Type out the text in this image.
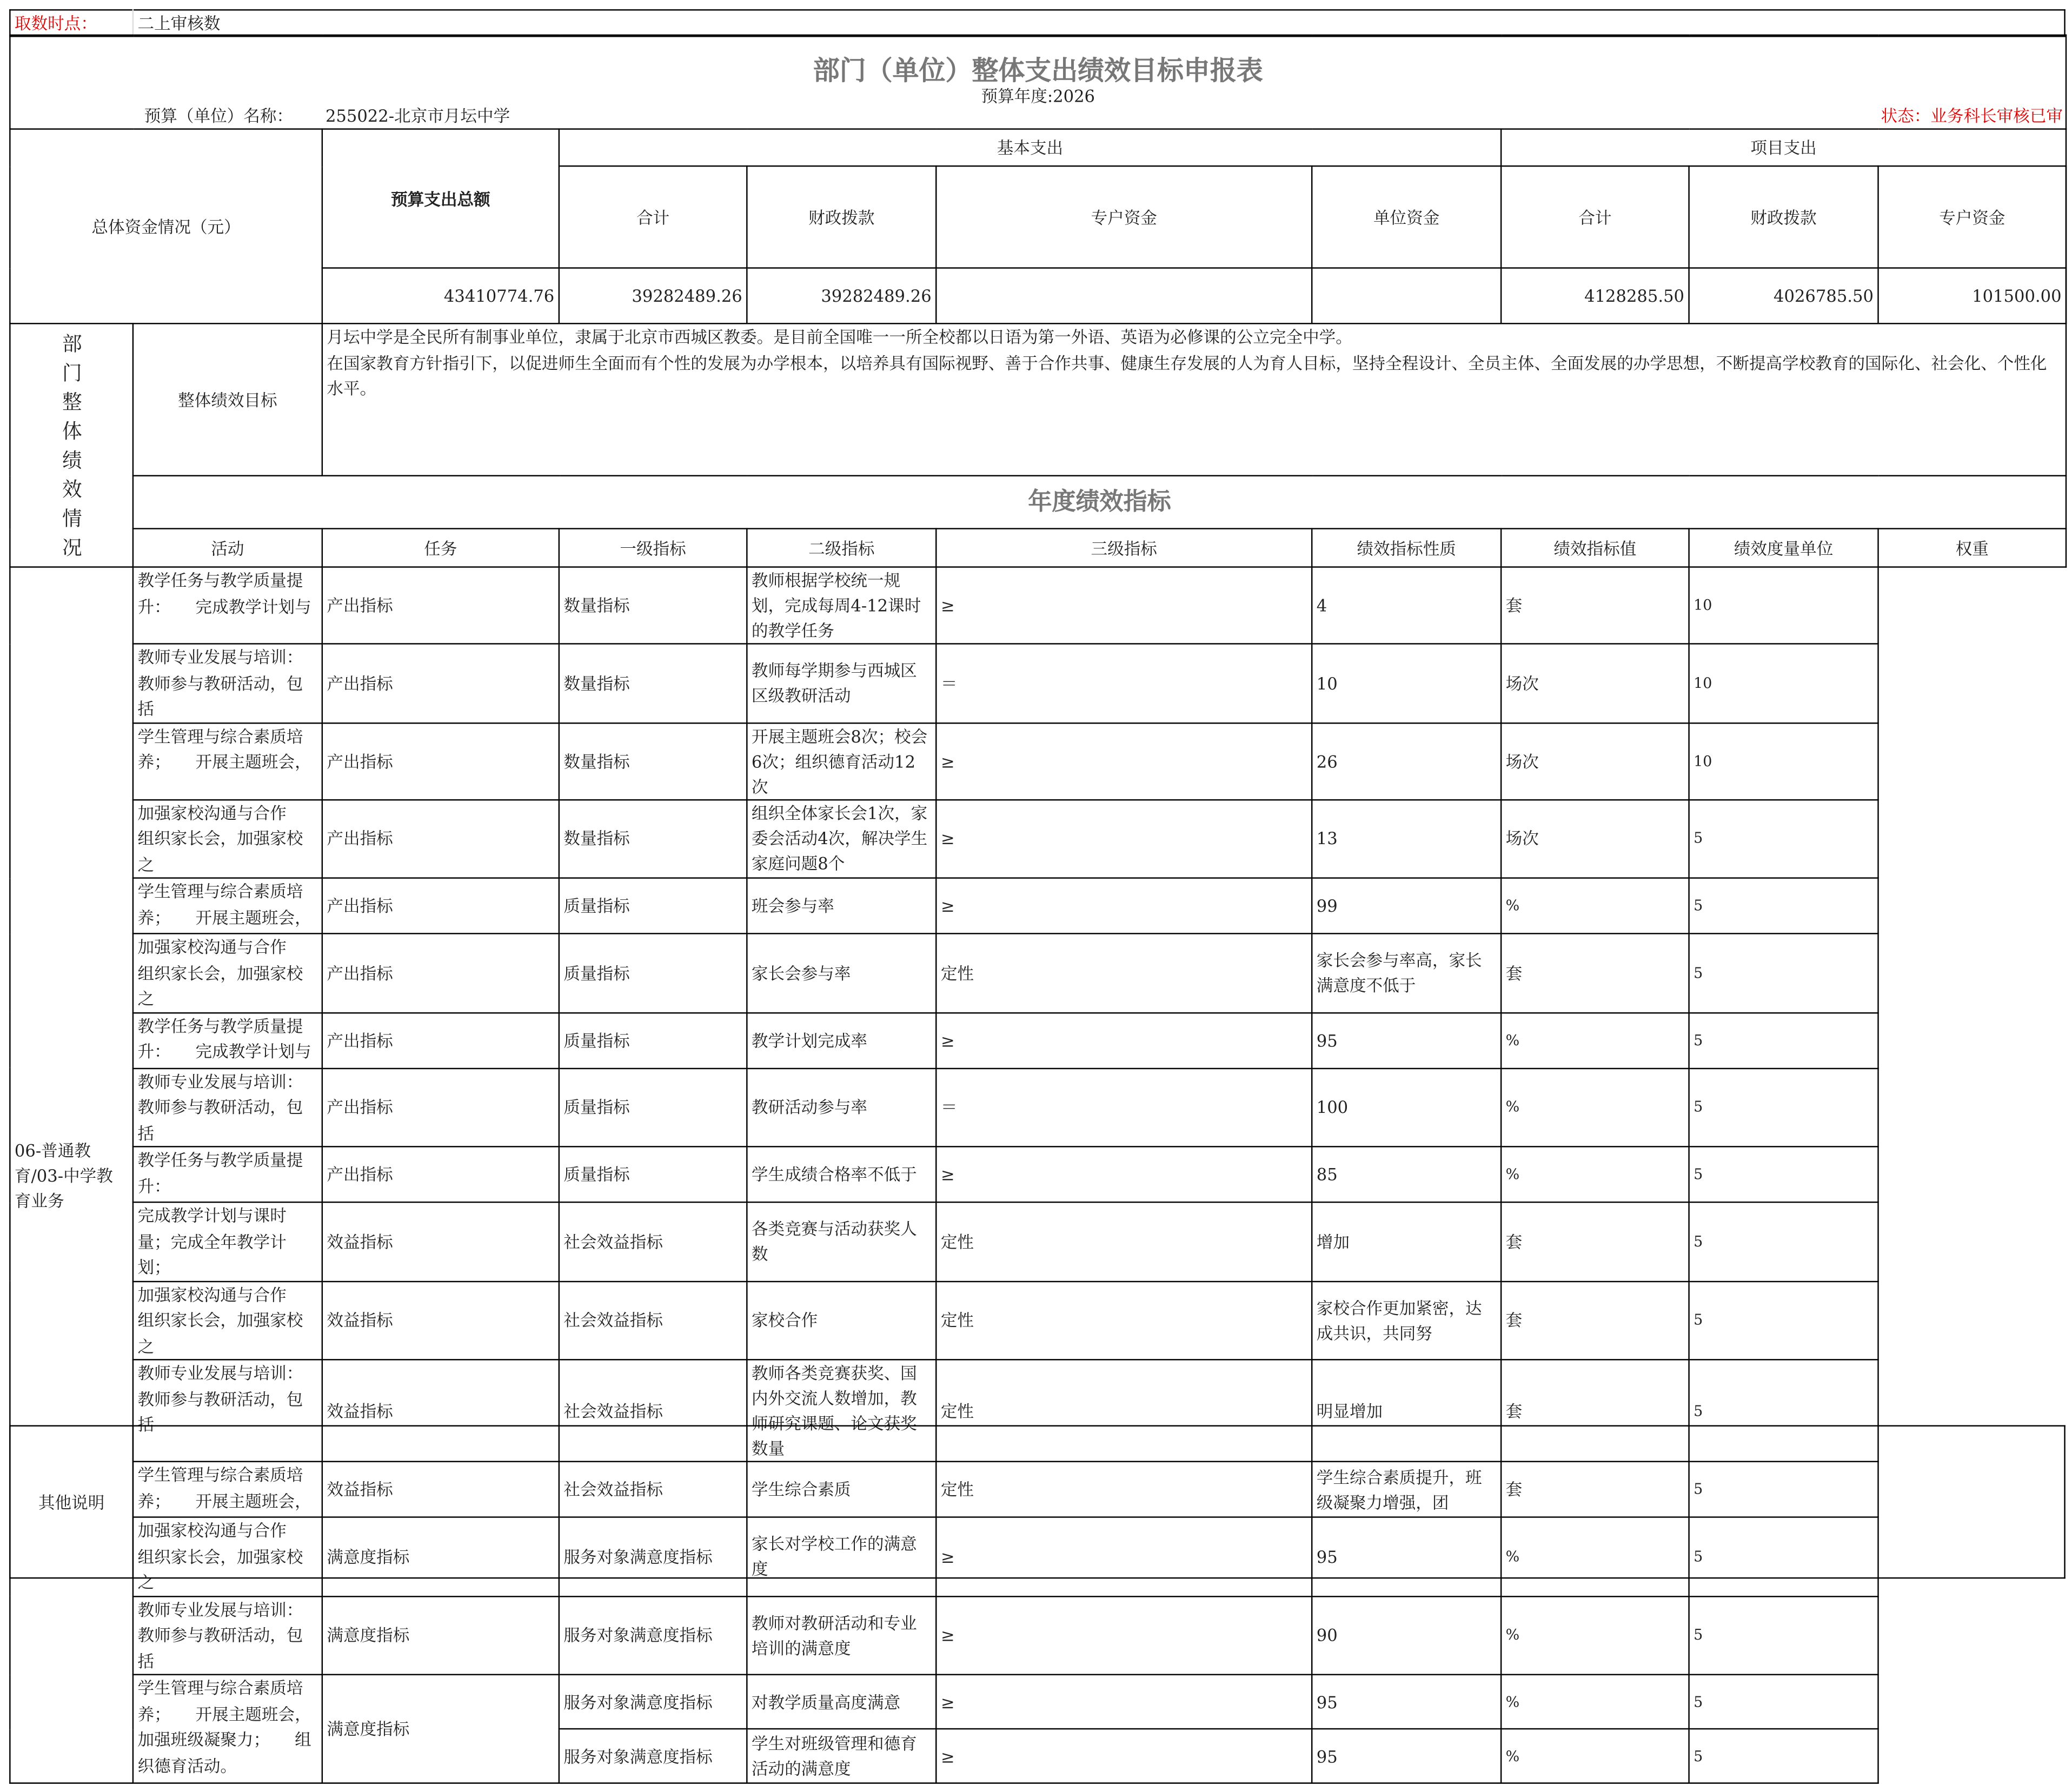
取数时点：	二上审核数
部门（单位）整体支出绩效目标申报表
预算年度:2026
预算（单位）名称： 255022-北京市月坛中学 状态：业务科长审核已审										

总体资金情况（元）		预算支出总额	基本支出				项目支出			
			合计	财政拨款	专户资金	单位资金	合计	财政拨款	专户资金	
		43410774.76	39282489.26	39282489.26			4128285.50	4026785.50	101500.00	

部门整体绩效情况	整体绩效目标	月坛中学是全民所有制事业单位，隶属于北京市西城区教委。是目前全国唯一一所全校都以日语为第一外语、英语为必修课的公立完全中学。
在国家教育方针指引下，以促进师生全面而有个性的发展为办学根本，以培养具有国际视野、善于合作共事、健康生存发展的人为育人目标，坚持全程设计、全员主体、全面发展的办学思想，不断提高学校教育的国际化、社会化、个性化水平。								

	年度绩效指标									
	活动	任务	一级指标	二级指标	三级指标	绩效指标性质	绩效指标值	绩效度量单位	权重	
06-普通教育/03-中学教育业务	教学任务与教学质量提升：　　完成教学计划与	产出指标	数量指标	教师根据学校统一规划，完成每周4-12课时的教学任务	≥	4	套	10		
	教师专业发展与培训：教师参与教研活动，包括	产出指标	数量指标	教师每学期参与西城区区级教研活动	＝	10	场次	10		
	学生管理与综合素质培养；　　开展主题班会，	产出指标	数量指标	开展主题班会8次；校会6次；组织德育活动12次	≥	26	场次	10		
	加强家校沟通与合作　组织家长会，加强家校之	产出指标	数量指标	组织全体家长会1次，家委会活动4次，解决学生家庭问题8个	≥	13	场次	5		
	学生管理与综合素质培养；　　开展主题班会，	产出指标	质量指标	班会参与率	≥	99	%	5		
	加强家校沟通与合作　组织家长会，加强家校之	产出指标	质量指标	家长会参与率	定性	家长会参与率高，家长满意度不低于	套	5		
	教学任务与教学质量提升：　　完成教学计划与	产出指标	质量指标	教学计划完成率	≥	95	%	5		
	教师专业发展与培训：教师参与教研活动，包括	产出指标	质量指标	教研活动参与率	＝	100	%	5		
	教学任务与教学质量提升：	产出指标	质量指标	学生成绩合格率不低于	≥	85	%	5		
	完成教学计划与课时量；完成全年教学计划；	效益指标	社会效益指标	各类竞赛与活动获奖人数	定性	增加	套	5		
	加强家校沟通与合作　组织家长会，加强家校之	效益指标	社会效益指标	家校合作	定性	家校合作更加紧密，达成共识，共同努	套	5		
	教师专业发展与培训：教师参与教研活动，包括	效益指标	社会效益指标	教师各类竞赛获奖、国内外交流人数增加，教师研究课题、论文获奖数量	定性	明显增加	套	5		
	学生管理与综合素质培养；　　开展主题班会，	效益指标	社会效益指标	学生综合素质	定性	学生综合素质提升，班级凝聚力增强，团	套	5		
	加强家校沟通与合作　组织家长会，加强家校之	满意度指标	服务对象满意度指标	家长对学校工作的满意度	≥	95	%	5		
	教师专业发展与培训：教师参与教研活动，包括	满意度指标	服务对象满意度指标	教师对教研活动和专业培训的满意度	≥	90	%	5		
	学生管理与综合素质培养；　　开展主题班会，加强班级凝聚力；　　组织德育活动。	满意度指标	服务对象满意度指标	对教学质量高度满意	≥	95	%	5		
			服务对象满意度指标	学生对班级管理和德育活动的满意度	≥	95	%	5		
其他说明	
